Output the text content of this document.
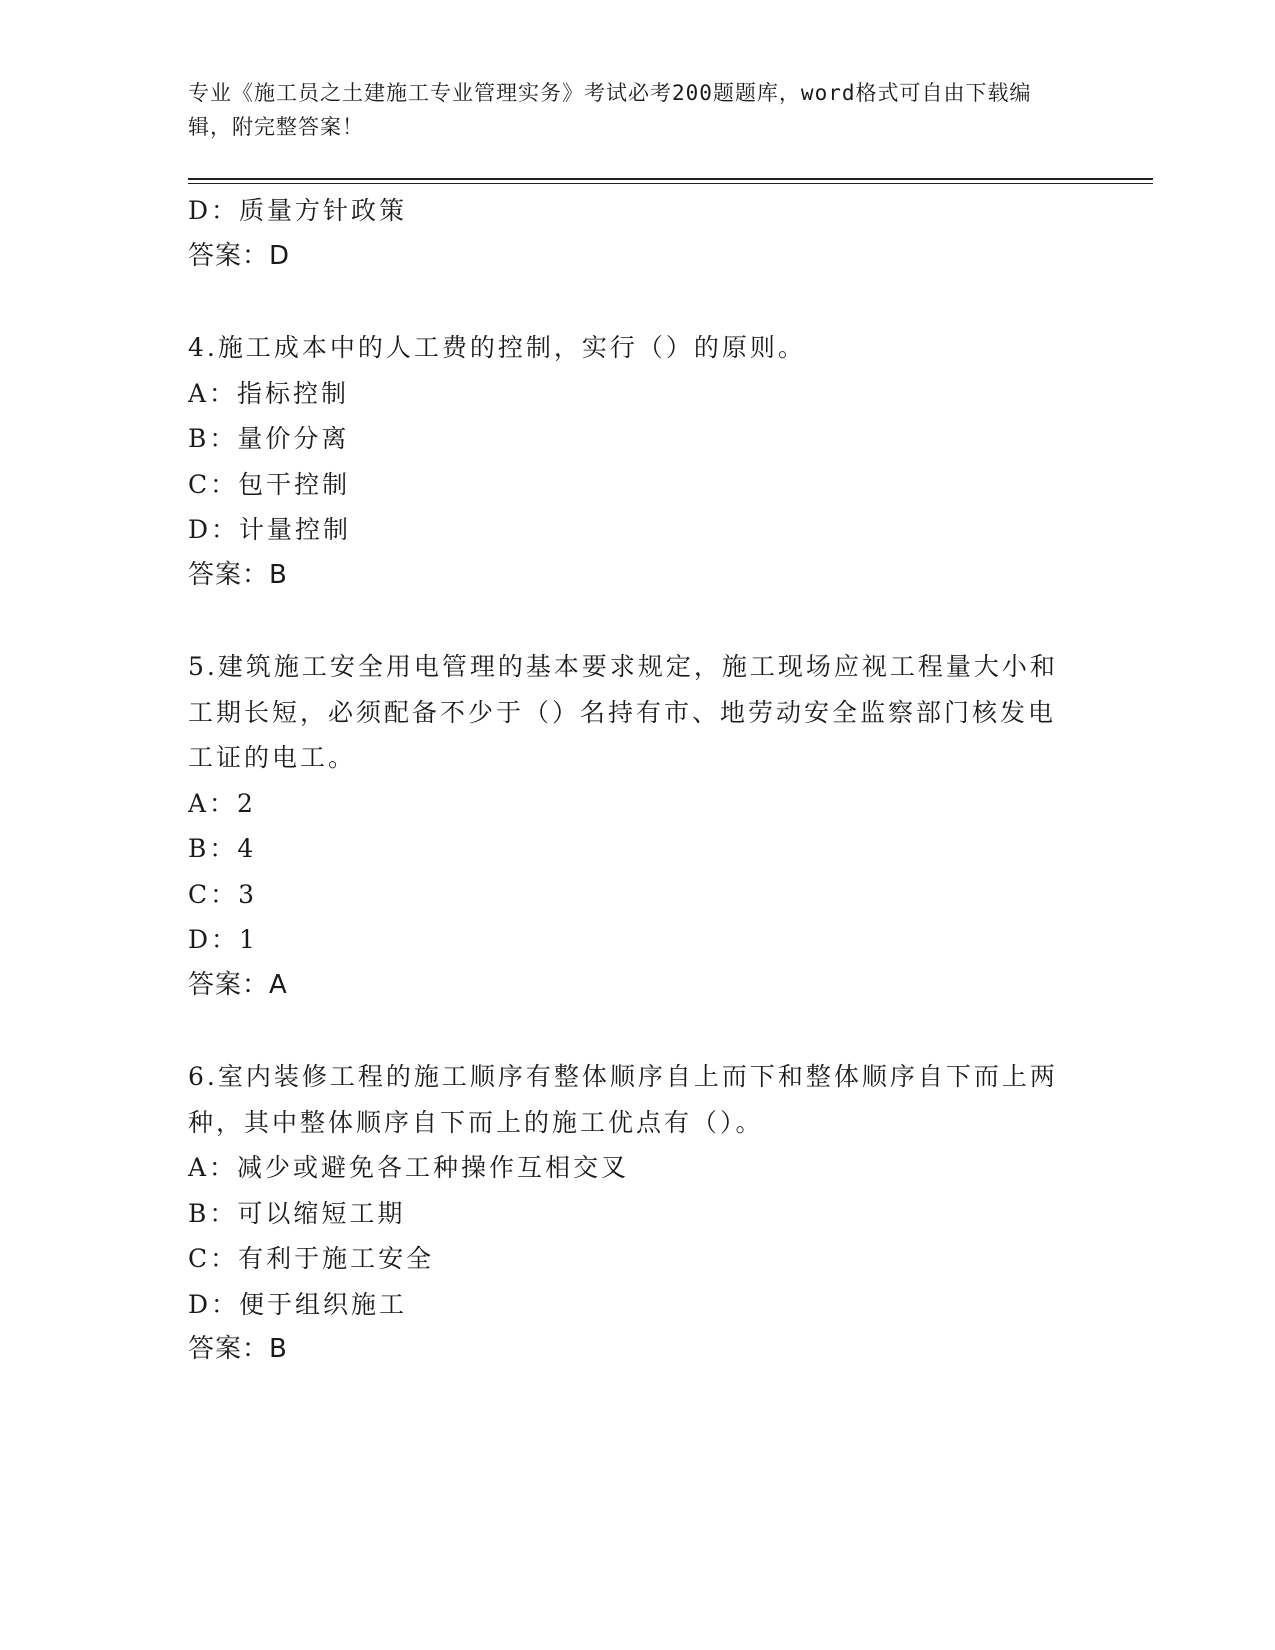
专业《施工员之土建施工专业管理实务》考试必考200题题库，word格式可自由下载编辑，附完整答案！
D：质量方针政策
答案：D
4.施工成本中的人工费的控制，实行（）的原则。
A：指标控制
B：量价分离
C：包干控制
D：计量控制
答案：B
5.建筑施工安全用电管理的基本要求规定，施工现场应视工程量大小和工期长短，必须配备不少于（）名持有市、地劳动安全监察部门核发电工证的电工。
A：2
B：4
C：3
D：1
答案：A
6.室内装修工程的施工顺序有整体顺序自上而下和整体顺序自下而上两种，其中整体顺序自下而上的施工优点有（）。
A：减少或避免各工种操作互相交叉
B：可以缩短工期
C：有利于施工安全
D：便于组织施工
答案：B
